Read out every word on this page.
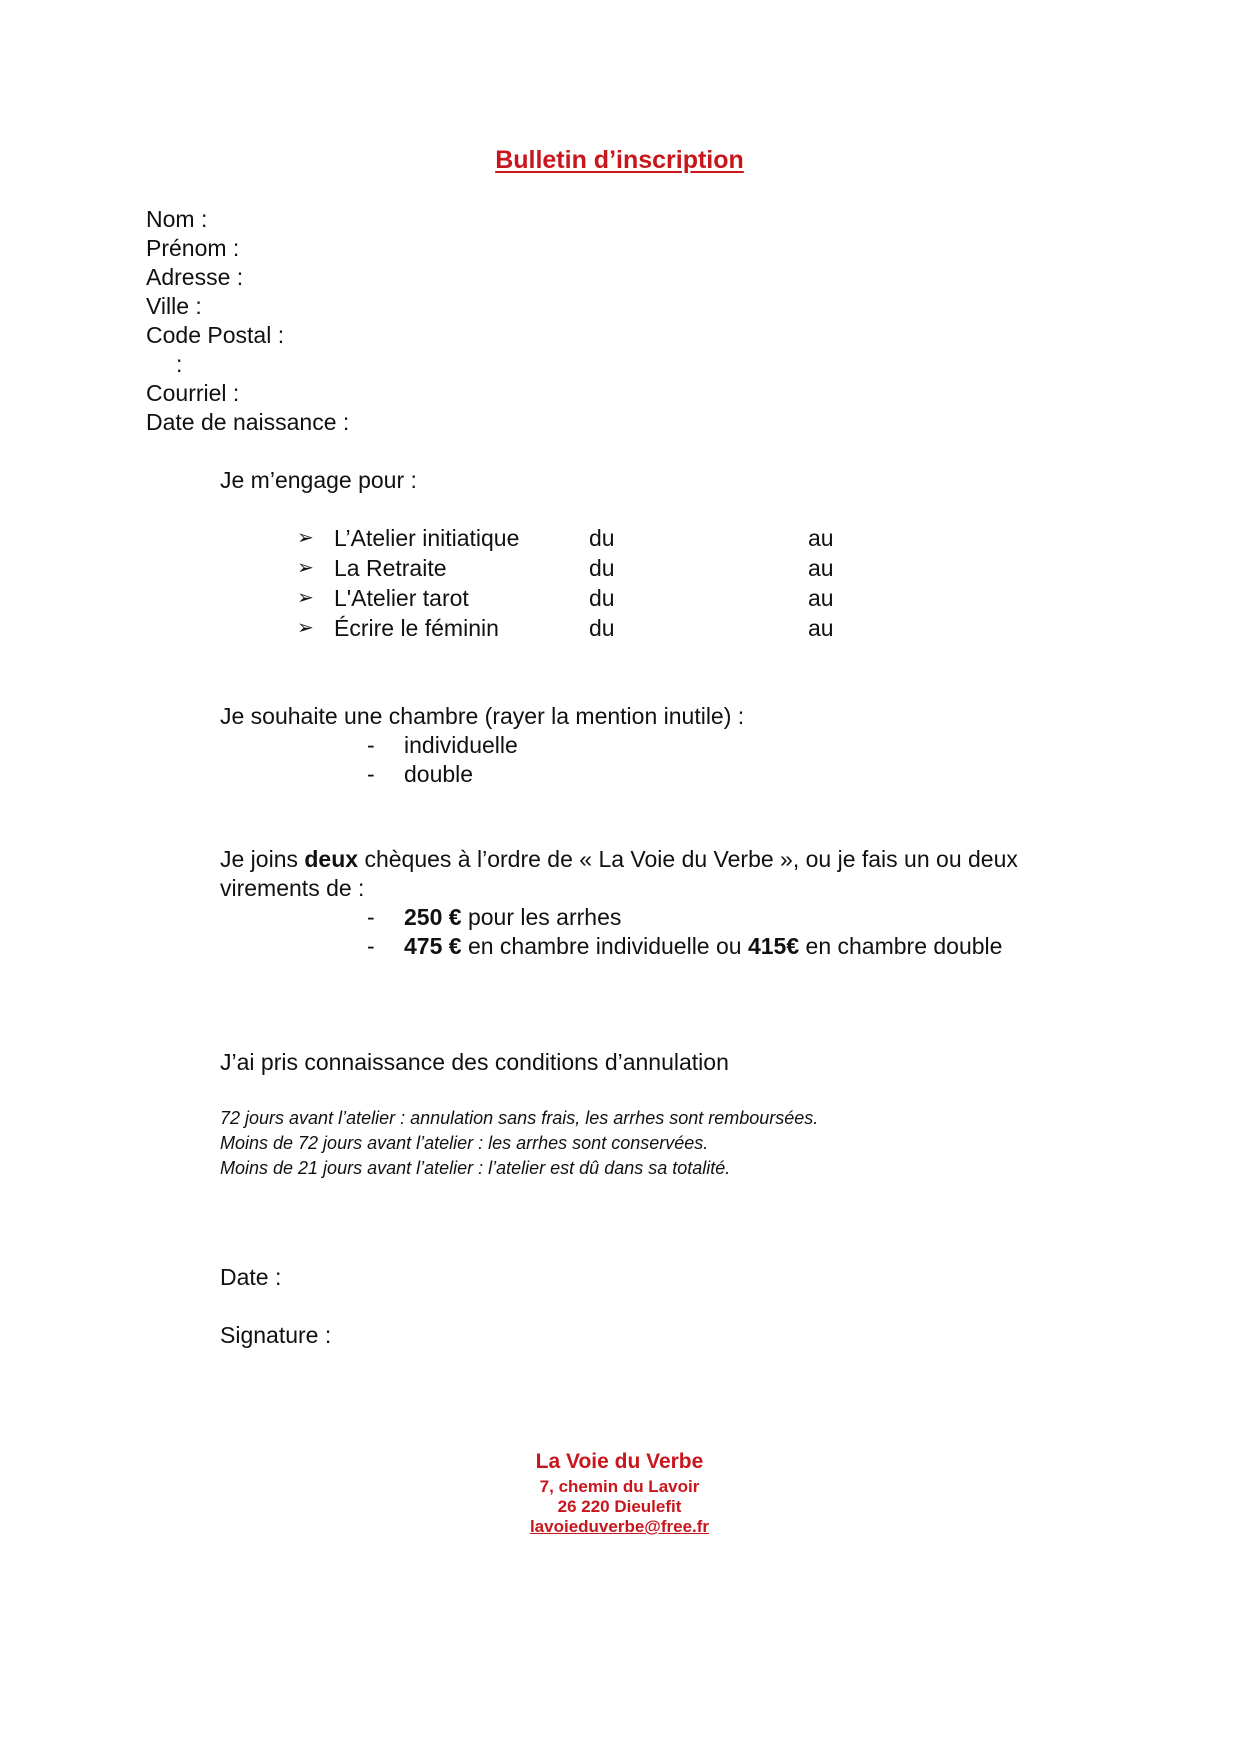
Bulletin d’inscription
Nom :
Prénom :
Adresse :
Ville :
Code Postal :
:
Courriel :
Date de naissance :
Je m’engage pour :
➢ L’Atelier initiatique	du	au
➢ La Retraite	du	au
➢ L'Atelier tarot	du	au
➢ Écrire le féminin	du	au
Je souhaite une chambre (rayer la mention inutile) :
- individuelle
- double
Je joins deux chèques à l’ordre de « La Voie du Verbe », ou je fais un ou deux
virements de :
- 250 € pour les arrhes
- 475 € en chambre individuelle ou 415€ en chambre double
J’ai pris connaissance des conditions d’annulation
72 jours avant l’atelier : annulation sans frais, les arrhes sont remboursées.
Moins de 72 jours avant l’atelier : les arrhes sont conservées.
Moins de 21 jours avant l’atelier : l’atelier est dû dans sa totalité.
Date :
Signature :
La Voie du Verbe
7, chemin du Lavoir
26 220 Dieulefit
lavoieduverbe@free.fr
